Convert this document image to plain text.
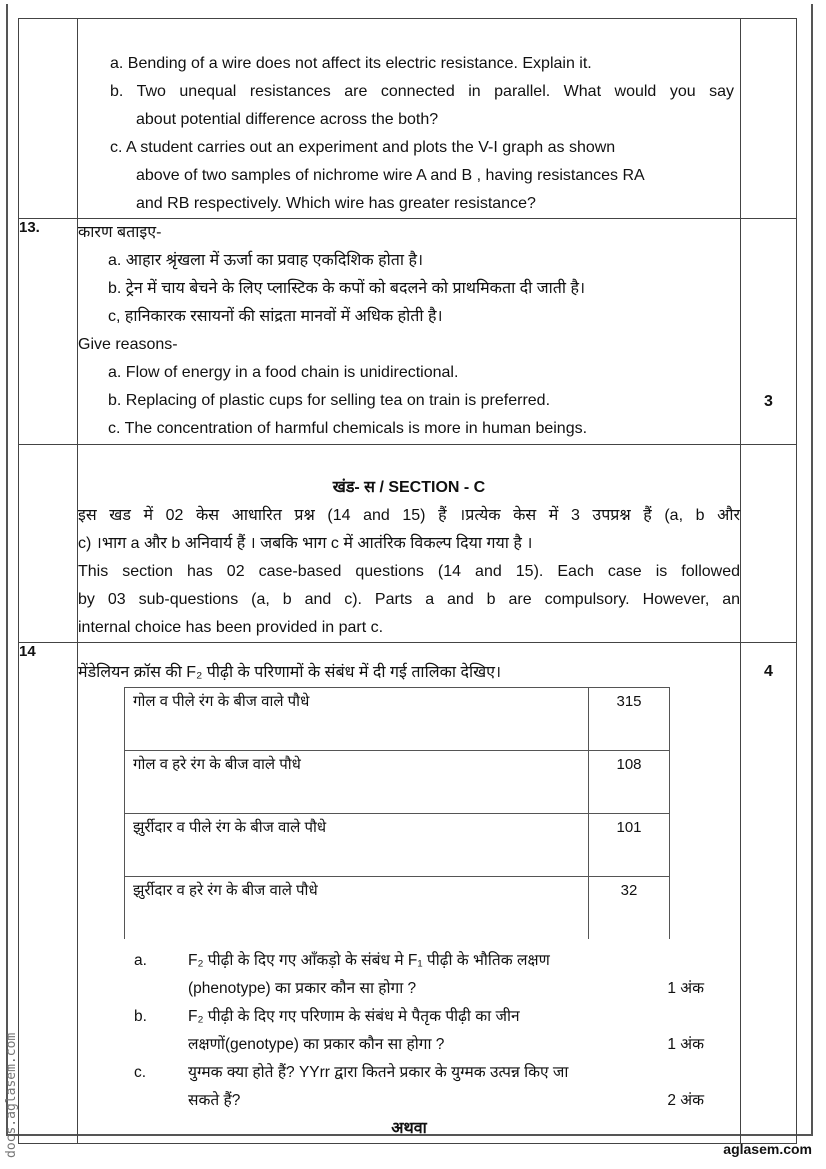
a. Bending of a wire does not affect its electric resistance. Explain it.
b. Two unequal resistances are connected in parallel. What would you say
about potential difference across the both?
c. A student carries out an experiment and plots the V-I graph as shown
above of two samples of nichrome wire A and B , having resistances RA
and RB respectively. Which wire has greater resistance?

13.	कारण बताइए-
a. आहार श्रृंखला में ऊर्जा का प्रवाह एकदिशिक होता है।
b. ट्रेन में चाय बेचने के लिए प्लास्टिक के कपों को बदलने को प्राथमिकता दी जाती है।
c, हानिकारक रसायनों की सांद्रता मानवों में अधिक होती है।
Give reasons-
a. Flow of energy in a food chain is unidirectional.
b. Replacing of plastic cups for selling tea on train is preferred.
c. The concentration of harmful chemicals is more in human beings.
	3

खंड- स / SECTION - C
इस खड में 02 केस आधारित प्रश्न (14 and 15) हैं ।प्रत्येक केस में 3 उपप्रश्न हैं (a, b और
c) ।भाग a और b अनिवार्य हैं । जबकि भाग c में आतंरिक विकल्प दिया गया है ।
This section has 02 case-based questions (14 and 15). Each case is followed
by 03 sub-questions (a, b and c). Parts a and b are compulsory. However, an
internal choice has been provided in part c.

14	
मेंडेलियन क्रॉस की F₂ पीढ़ी के परिणामों के संबंध में दी गई तालिका देखिए।
गोल व पीले रंग के बीज वाले पौधे	315
गोल व हरे रंग के बीज वाले पौधे	108
झुर्रीदार व पीले रंग के बीज वाले पौधे	101
झुर्रीदार व हरे रंग के बीज वाले पौधे	32
a.	F₂ पीढ़ी के दिए गए आँकड़ो के संबंध मे F₁ पीढ़ी के भौतिक लक्षण
(phenotype) का प्रकार कौन सा होगा ?	1 अंक
b.	F₂ पीढ़ी के दिए गए परिणाम के संबंध मे पैतृक पीढ़ी का जीन
लक्षणों(genotype) का प्रकार कौन सा होगा ?	1 अंक
c.	युग्मक क्या होते हैं? YYrr द्वारा कितने प्रकार के युग्मक उत्पन्न किए जा
सकते हैं?	2 अंक
अथवा
	4
docs.aglasem.com	aglasem.com
